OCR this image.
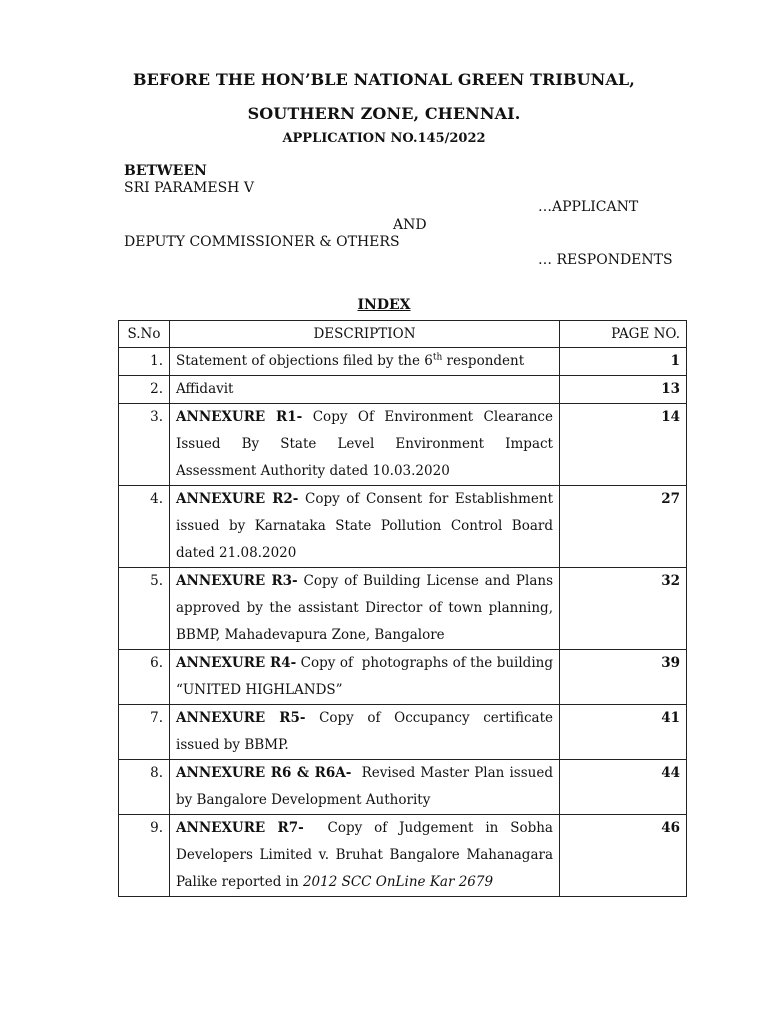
BEFORE THE HON’BLE NATIONAL GREEN TRIBUNAL,
SOUTHERN ZONE, CHENNAI.
APPLICATION NO.145/2022
BETWEEN
SRI PARAMESH V
…APPLICANT
AND
DEPUTY COMMISSIONER & OTHERS
… RESPONDENTS
INDEX
S.No	DESCRIPTION	PAGE NO.
1.	Statement of objections filed by the 6th respondent	1
2.	Affidavit	13
3.	ANNEXURE R1- Copy Of Environment Clearance Issued By State Level Environment Impact Assessment Authority dated 10.03.2020	14
4.	ANNEXURE R2- Copy of Consent for Establishment issued by Karnataka State Pollution Control Board dated 21.08.2020	27
5.	ANNEXURE R3- Copy of Building License and Plans approved by the assistant Director of town planning, BBMP, Mahadevapura Zone, Bangalore	32
6.	ANNEXURE R4- Copy of  photographs of the building “UNITED HIGHLANDS”	39
7.	ANNEXURE R5- Copy of Occupancy certificate issued by BBMP.	41
8.	ANNEXURE R6 & R6A-  Revised Master Plan issued by Bangalore Development Authority	44
9.	ANNEXURE R7-  Copy of Judgement in Sobha Developers Limited v. Bruhat Bangalore Mahanagara Palike reported in 2012 SCC OnLine Kar 2679	46
